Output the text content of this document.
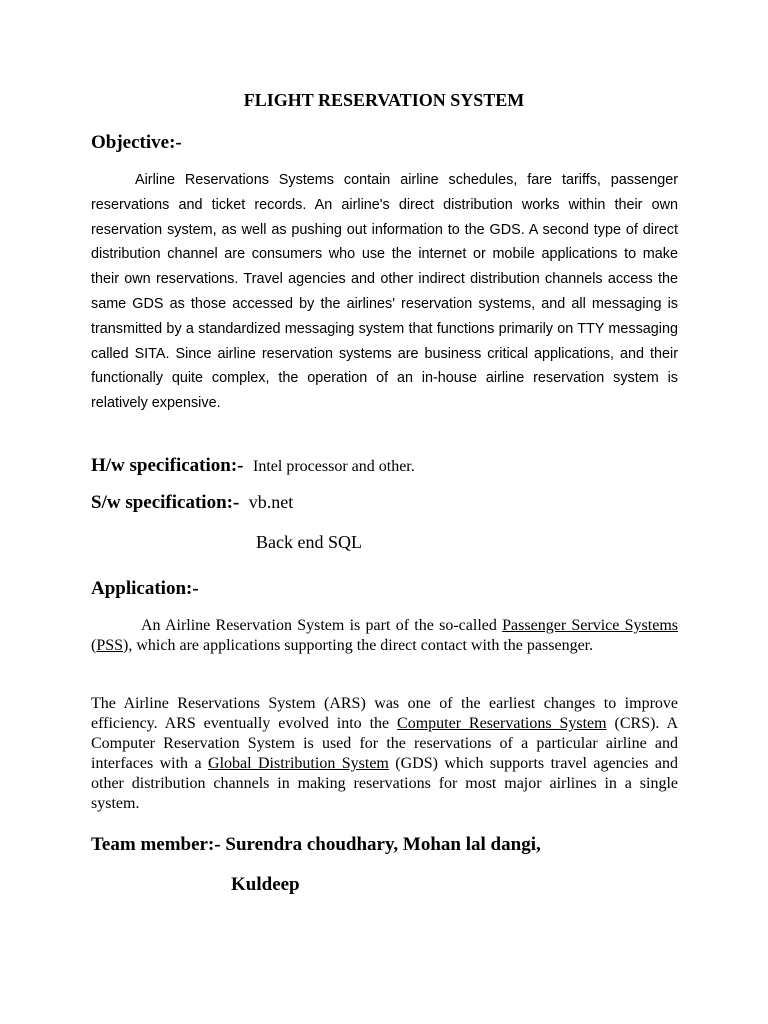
FLIGHT RESERVATION SYSTEM
Objective:-
Airline Reservations Systems contain airline schedules, fare tariffs, passenger reservations and ticket records. An airline's direct distribution works within their own reservation system, as well as pushing out information to the GDS. A second type of direct distribution channel are consumers who use the internet or mobile applications to make their own reservations. Travel agencies and other indirect distribution channels access the same GDS as those accessed by the airlines' reservation systems, and all messaging is transmitted by a standardized messaging system that functions primarily on TTY messaging called SITA. Since airline reservation systems are business critical applications, and their functionally quite complex, the operation of an in-house airline reservation system is relatively expensive.
H/w specification:- Intel processor and other.
S/w specification:- vb.net
Back end SQL
Application:-
An Airline Reservation System is part of the so-called Passenger Service Systems (PSS), which are applications supporting the direct contact with the passenger.
The Airline Reservations System (ARS) was one of the earliest changes to improve efficiency. ARS eventually evolved into the Computer Reservations System (CRS). A Computer Reservation System is used for the reservations of a particular airline and interfaces with a Global Distribution System (GDS) which supports travel agencies and other distribution channels in making reservations for most major airlines in a single system.
Team member:- Surendra choudhary, Mohan lal dangi,
Kuldeep
